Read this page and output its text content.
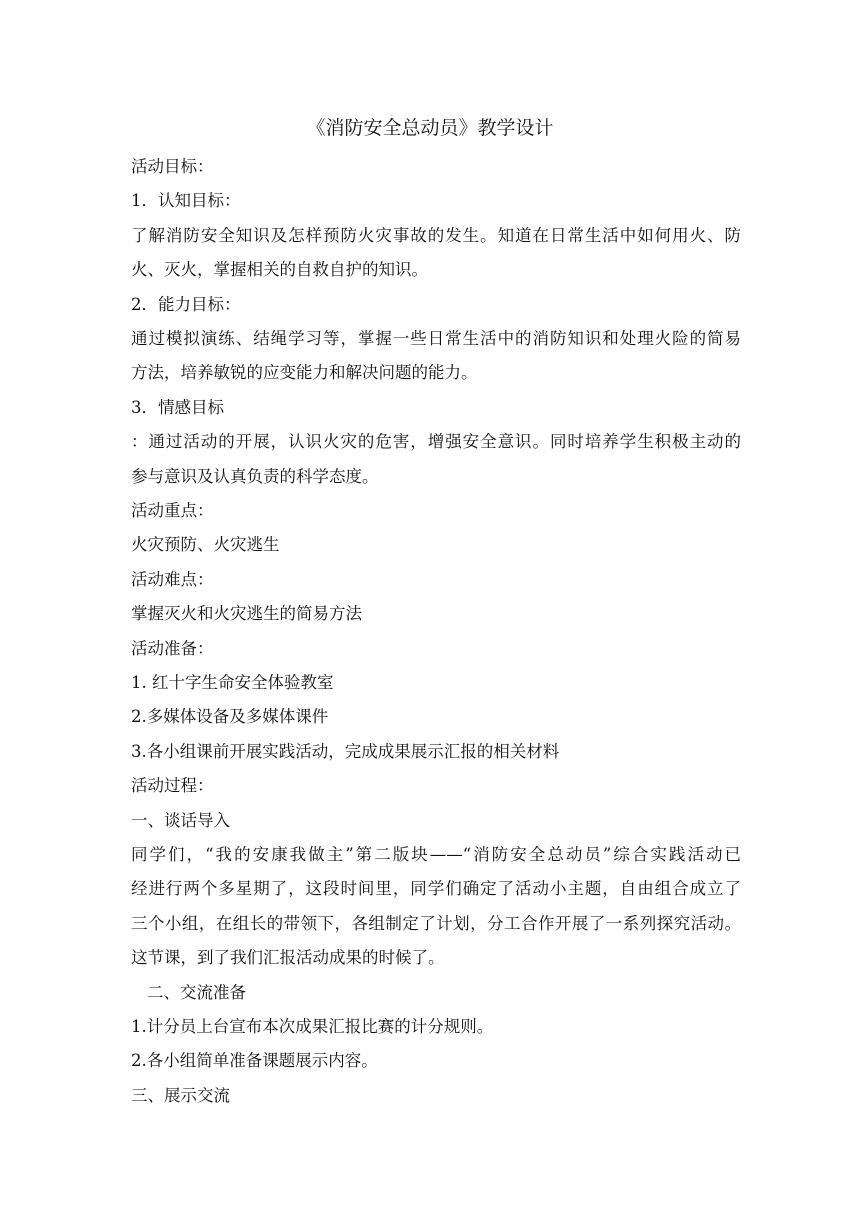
《消防安全总动员》教学设计
活动目标：
1．认知目标：
了解消防安全知识及怎样预防火灾事故的发生。知道在日常生活中如何用火、防
火、灭火，掌握相关的自救自护的知识。
2．能力目标：
通过模拟演练、结绳学习等，掌握一些日常生活中的消防知识和处理火险的简易
方法，培养敏锐的应变能力和解决问题的能力。
3．情感目标
：通过活动的开展，认识火灾的危害，增强安全意识。同时培养学生积极主动的
参与意识及认真负责的科学态度。
活动重点：
火灾预防、火灾逃生
活动难点：
掌握灭火和火灾逃生的简易方法
活动准备：
1. 红十字生命安全体验教室
2.多媒体设备及多媒体课件
3.各小组课前开展实践活动，完成成果展示汇报的相关材料
活动过程：
一、谈话导入
同学们，“我的安康我做主”第二版块——“消防安全总动员”综合实践活动已
经进行两个多星期了，这段时间里，同学们确定了活动小主题，自由组合成立了
三个小组，在组长的带领下，各组制定了计划，分工合作开展了一系列探究活动。
这节课，到了我们汇报活动成果的时候了。
二、交流准备
1.计分员上台宣布本次成果汇报比赛的计分规则。
2.各小组简单准备课题展示内容。
三、展示交流
